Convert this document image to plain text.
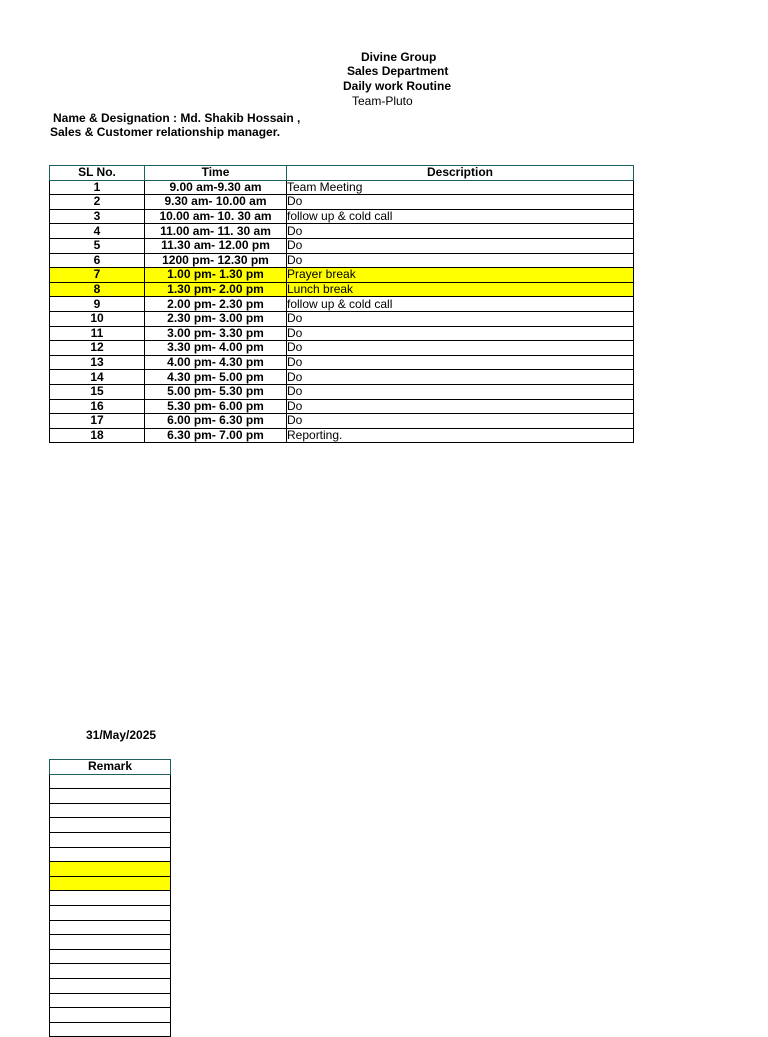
Divine Group
Sales Department
Daily work Routine
Team-Pluto
Name & Designation : Md. Shakib Hossain ,
Sales & Customer relationship manager.
SL No.	Time	Description
1	9.00 am-9.30 am	Team Meeting
2	9.30 am- 10.00 am	Do
3	10.00 am- 10. 30 am	follow up & cold call
4	11.00 am- 11. 30 am	Do
5	11.30 am- 12.00 pm	Do
6	1200 pm- 12.30 pm	Do
7	1.00 pm- 1.30 pm	Prayer break
8	1.30 pm- 2.00 pm	Lunch break
9	2.00 pm- 2.30 pm	follow up & cold call
10	2.30 pm- 3.00 pm	Do
11	3.00 pm- 3.30 pm	Do
12	3.30 pm- 4.00 pm	Do
13	4.00 pm- 4.30 pm	Do
14	4.30 pm- 5.00 pm	Do
15	5.00 pm- 5.30 pm	Do
16	5.30 pm- 6.00 pm	Do
17	6.00 pm- 6.30 pm	Do
18	6.30 pm- 7.00 pm	Reporting.
31/May/2025
Remark
